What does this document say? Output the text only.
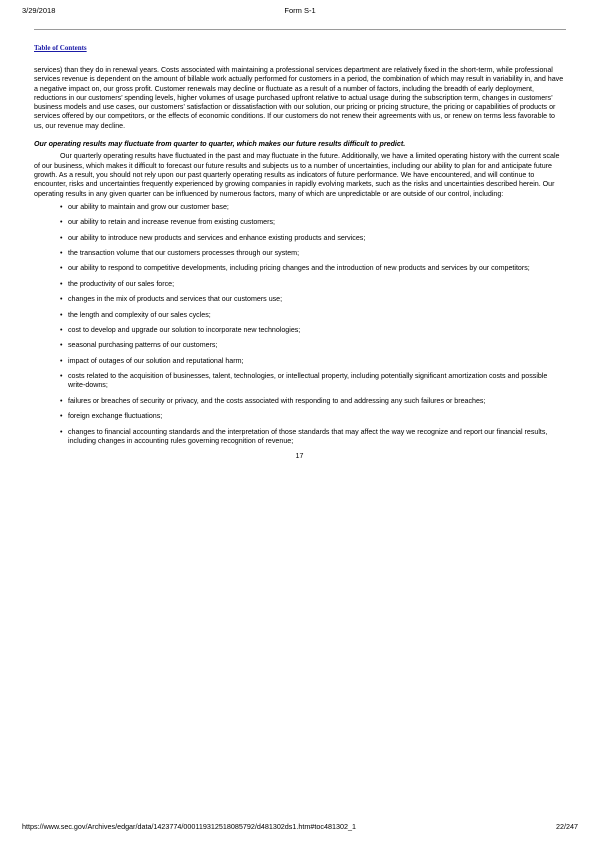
3/29/2018	Form S-1
Table of Contents

services) than they do in renewal years. Costs associated with maintaining a professional services department are relatively fixed in the short-term, while professional services revenue is dependent on the amount of billable work actually performed for customers in a period, the combination of which may result in variability in, and have a negative impact on, our gross profit. Customer renewals may decline or fluctuate as a result of a number of factors, including the breadth of early deployment, reductions in our customers’ spending levels, higher volumes of usage purchased upfront relative to actual usage during the subscription term, changes in customers’ business models and use cases, our customers’ satisfaction or dissatisfaction with our solution, our pricing or pricing structure, the pricing or capabilities of products or services offered by our competitors, or the effects of economic conditions. If our customers do not renew their agreements with us, or renew on terms less favorable to us, our revenue may decline.

Our operating results may fluctuate from quarter to quarter, which makes our future results difficult to predict.

Our quarterly operating results have fluctuated in the past and may fluctuate in the future. Additionally, we have a limited operating history with the current scale of our business, which makes it difficult to forecast our future results and subjects us to a number of uncertainties, including our ability to plan for and anticipate future growth. As a result, you should not rely upon our past quarterly operating results as indicators of future performance. We have encountered, and will continue to encounter, risks and uncertainties frequently experienced by growing companies in rapidly evolving markets, such as the risks and uncertainties described herein. Our operating results in any given quarter can be influenced by numerous factors, many of which are unpredictable or are outside of our control, including:

• our ability to maintain and grow our customer base;
• our ability to retain and increase revenue from existing customers;
• our ability to introduce new products and services and enhance existing products and services;
• the transaction volume that our customers processes through our system;
• our ability to respond to competitive developments, including pricing changes and the introduction of new products and services by our competitors;
• the productivity of our sales force;
• changes in the mix of products and services that our customers use;
• the length and complexity of our sales cycles;
• cost to develop and upgrade our solution to incorporate new technologies;
• seasonal purchasing patterns of our customers;
• impact of outages of our solution and reputational harm;
• costs related to the acquisition of businesses, talent, technologies, or intellectual property, including potentially significant amortization costs and possible write-downs;
• failures or breaches of security or privacy, and the costs associated with responding to and addressing any such failures or breaches;
• foreign exchange fluctuations;
• changes to financial accounting standards and the interpretation of those standards that may affect the way we recognize and report our financial results, including changes in accounting rules governing recognition of revenue;
17
https://www.sec.gov/Archives/edgar/data/1423774/000119312518085792/d481302ds1.htm#toc481302_1	22/247
